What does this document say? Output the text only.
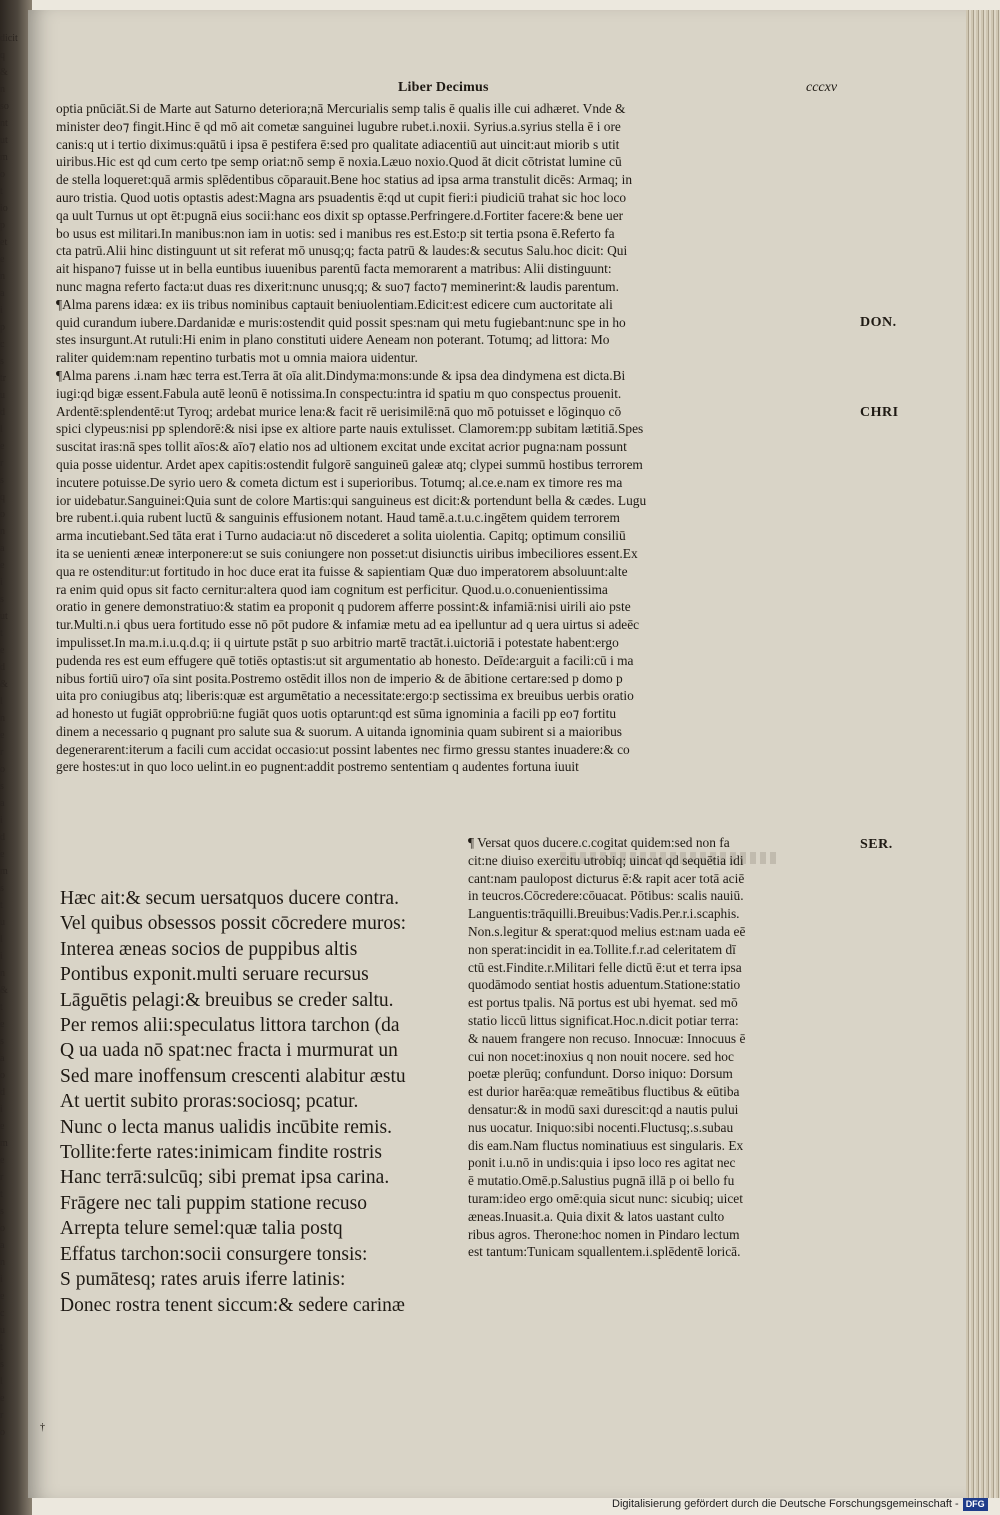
dicit
q
&
n
so
nt
ut
m
o
t
io
p
et
e
n
a
i
p
c
s
tr
u
d
l
e
r
s
q
o
n
a
e
i
s
ut
t
e
d
&
l
n
e
r
o
s
a
i
d
e
m
s
t
u
l
i
n
&
t
e
s
a
o
d
i
e
m
e
r
t
s
o
a
n
i
e
c
u
t
s
l
e
r
o
Liber Decimus	cccxv
optia pnūciāt.Si de Marte aut Saturno deteriora;nā Mercurialis semp talis ē qualis ille cui adhæret. Vnde &
minister deo⁊ fingit.Hinc ē qd mō ait cometæ sanguinei lugubre rubet.i.noxii. Syrius.a.syrius stella ē i ore
canis:q ut i tertio diximus:quātū i ipsa ē pestifera ē:sed pro qualitate adiacentiū aut uincit:aut miorib s utit
uiribus.Hic est qd cum certo tpe semp oriat:nō semp ē noxia.Læuo noxio.Quod āt dicit cōtristat lumine cū
de stella loqueret:quā armis splēdentibus cōparauit.Bene hoc statius ad ipsa arma transtulit dicēs: Armaq; in
auro tristia. Quod uotis optastis adest:Magna ars psuadentis ē:qd ut cupit fieri:i piudiciū trahat sic hoc loco
qa uult Turnus ut opt ēt:pugnā eius socii:hanc eos dixit sp optasse.Perfringere.d.Fortiter facere:& bene uer
bo usus est militari.In manibus:non iam in uotis: sed i manibus res est.Esto:p sit tertia psona ē.Referto fa
cta patrū.Alii hinc distinguunt ut sit referat mō unusq;q; facta patrū & laudes:& secutus Salu.hoc dicit: Qui
ait hispano⁊ fuisse ut in bella euntibus iuuenibus parentū facta memorarent a matribus: Alii distinguunt:
nunc magna referto facta:ut duas res dixerit:nunc unusq;q; & suo⁊ facto⁊ meminerint:& laudis parentum.
¶Alma parens idæa: ex iis tribus nominibus captauit beniuolentiam.Edicit:est edicere cum auctoritate ali
quid curandum iubere.Dardanidæ e muris:ostendit quid possit spes:nam qui metu fugiebant:nunc spe in ho
stes insurgunt.At rutuli:Hi enim in plano constituti uidere Aeneam non poterant. Totumq; ad littora: Mo
raliter quidem:nam repentino turbatis mot u omnia maiora uidentur.
¶Alma parens .i.nam hæc terra est.Terra āt oīa alit.Dindyma:mons:unde & ipsa dea dindymena est dicta.Bi
iugi:qd bigæ essent.Fabula autē leonū ē notissima.In conspectu:intra id spatiu m quo conspectus prouenit.
Ardentē:splendentē:ut Tyroq; ardebat murice lena:& facit rē uerisimilē:nā quo mō potuisset e lōginquo cō
spici clypeus:nisi pp splendorē:& nisi ipse ex altiore parte nauis extulisset. Clamorem:pp subitam lætitiā.Spes
suscitat iras:nā spes tollit aīos:& aīo⁊ elatio nos ad ultionem excitat unde excitat acrior pugna:nam possunt
quia posse uidentur. Ardet apex capitis:ostendit fulgorē sanguineū galeæ atq; clypei summū hostibus terrorem
incutere potuisse.De syrio uero & cometa dictum est i superioribus. Totumq; al.ce.e.nam ex timore res ma
ior uidebatur.Sanguinei:Quia sunt de colore Martis:qui sanguineus est dicit:& portendunt bella & cædes. Lugu
bre rubent.i.quia rubent luctū & sanguinis effusionem notant. Haud tamē.a.t.u.c.ingētem quidem terrorem
arma incutiebant.Sed tāta erat i Turno audacia:ut nō discederet a solita uiolentia. Capitq; optimum consiliū
ita se uenienti æneæ interponere:ut se suis coniungere non posset:ut disiunctis uiribus imbeciliores essent.Ex
qua re ostenditur:ut fortitudo in hoc duce erat ita fuisse & sapientiam Quæ duo imperatorem absoluunt:alte
ra enim quid opus sit facto cernitur:altera quod iam cognitum est perficitur. Quod.u.o.conuenientissima
oratio in genere demonstratiuo:& statim ea proponit q pudorem afferre possint:& infamiā:nisi uirili aio pste
tur.Multi.n.i qbus uera fortitudo esse nō pōt pudore & infamiæ metu ad ea ipelluntur ad q uera uirtus si adeēc
impulisset.In ma.m.i.u.q.d.q; ii q uirtute pstāt p suo arbitrio martē tractāt.i.uictoriā i potestate habent:ergo
pudenda res est eum effugere quē totiēs optastis:ut sit argumentatio ab honesto. Deīde:arguit a facili:cū i ma
nibus fortiū uiro⁊ oīa sint posita.Postremo ostēdit illos non de imperio & de ābitione certare:sed p domo p
uita pro coniugibus atq; liberis:quæ est argumētatio a necessitate:ergo:p sectissima ex breuibus uerbis oratio
ad honesto ut fugiāt opprobriū:ne fugiāt quos uotis optarunt:qd est sūma ignominia a facili pp eo⁊ fortitu
dinem a necessario q pugnant pro salute sua & suorum. A uitanda ignominia quam subirent si a maioribus
degenerarent:iterum a facili cum accidat occasio:ut possint labentes nec firmo gressu stantes inuadere:& co
gere hostes:ut in quo loco uelint.in eo pugnent:addit postremo sententiam q audentes fortuna iuuit
DON.
CHRI
SER.
Hæc ait:& secum uersatquos ducere contra.
Vel quibus obsessos possit cōcredere muros:
Interea æneas socios de puppibus altis
Pontibus exponit.multi seruare recursus
Lāguētis pelagi:& breuibus se creder saltu.
Per remos alii:speculatus littora tarchon (da
Q ua uada nō spat:nec fracta i murmurat un
Sed mare inoffensum crescenti alabitur æstu
At uertit subito proras:sociosq; pcatur.
Nunc o lecta manus ualidis incūbite remis.
Tollite:ferte rates:inimicam findite rostris
Hanc terrā:sulcūq; sibi premat ipsa carina.
Frāgere nec tali puppim statione recuso
Arrepta telure semel:quæ talia postq
Effatus tarchon:socii consurgere tonsis:
S pumātesq; rates aruis iferre latinis:
Donec rostra tenent siccum:& sedere carinæ
¶ Versat quos ducere.c.cogitat quidem:sed non fa
cit:ne diuiso exercitu utrobiq; uincat qd sequētia idi
cant:nam paulopost dicturus ē:& rapit acer totā aciē
in teucros.Cōcredere:cōuacat. Pōtibus: scalis nauiū.
Languentis:trāquilli.Breuibus:Vadis.Per.r.i.scaphis.
Non.s.legitur & sperat:quod melius est:nam uada eē
non sperat:incidit in ea.Tollite.f.r.ad celeritatem dī
ctū est.Findite.r.Militari felle dictū ē:ut et terra ipsa
quodāmodo sentiat hostis aduentum.Statione:statio
est portus tpalis. Nā portus est ubi hyemat. sed mō
statio liccū littus significat.Hoc.n.dicit potiar terra:
& nauem frangere non recuso. Innocuæ: Innocuus ē
cui non nocet:inoxius q non nouit nocere. sed hoc
poetæ plerūq; confundunt. Dorso iniquo: Dorsum
est durior harēa:quæ remeātibus fluctibus & eūtiba
densatur:& in modū saxi durescit:qd a nautis pului
nus uocatur. Iniquo:sibi nocenti.Fluctusq;.s.subau
dis eam.Nam fluctus nominatiuus est singularis. Ex
ponit i.u.nō in undis:quia i ipso loco res agitat nec
ē mutatio.Omē.p.Salustius pugnā illā p oi bello fu
turam:ideo ergo omē:quia sicut nunc: sicubiq; uicet
æneas.Inuasit.a. Quia dixit & latos uastant culto
ribus agros. Therone:hoc nomen in Pindaro lectum
est tantum:Tunicam squallentem.i.splēdentē loricā.
†
Digitalisierung gefördert durch die Deutsche Forschungsgemeinschaft - DFG
